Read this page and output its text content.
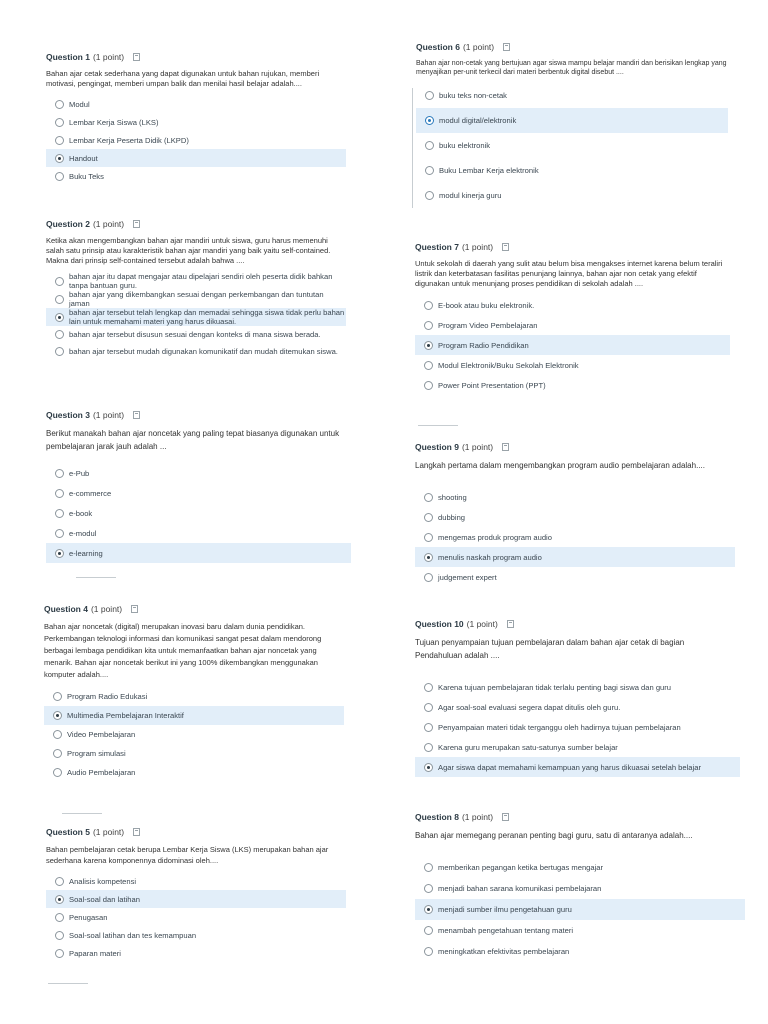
Question 1 (1 point)
Bahan ajar cetak sederhana yang dapat digunakan untuk bahan rujukan, memberi motivasi, pengingat, memberi umpan balik dan menilai hasil belajar adalah....
Modul
Lembar Kerja Siswa (LKS)
Lembar Kerja Peserta Didik (LKPD)
Handout
Buku Teks
Question 2 (1 point)
Ketika akan mengembangkan bahan ajar mandiri untuk siswa, guru harus memenuhi salah satu prinsip atau karakteristik bahan ajar mandiri yang baik yaitu self-contained. Makna dari prinsip self-contained tersebut adalah bahwa ....
bahan ajar itu dapat mengajar atau dipelajari sendiri oleh peserta didik bahkan tanpa bantuan guru.
bahan ajar yang dikembangkan sesuai dengan perkembangan dan tuntutan jaman
bahan ajar tersebut telah lengkap dan memadai sehingga siswa tidak perlu bahan lain untuk memahami materi yang harus dikuasai.
bahan ajar tersebut disusun sesuai dengan konteks di mana siswa berada.
bahan ajar tersebut mudah digunakan komunikatif dan mudah ditemukan siswa.
Question 3 (1 point)
Berikut manakah bahan ajar noncetak yang paling tepat biasanya digunakan untuk pembelajaran jarak jauh adalah ...
e-Pub
e-commerce
e-book
e-modul
e-learning
Question 4 (1 point)
Bahan ajar noncetak (digital) merupakan inovasi baru dalam dunia pendidikan. Perkembangan teknologi informasi dan komunikasi sangat pesat dalam mendorong berbagai lembaga pendidikan kita untuk memanfaatkan bahan ajar noncetak yang menarik. Bahan ajar noncetak berikut ini yang 100% dikembangkan menggunakan komputer adalah....
Program Radio Edukasi
Multimedia Pembelajaran Interaktif
Video Pembelajaran
Program simulasi
Audio Pembelajaran
Question 5 (1 point)
Bahan pembelajaran cetak berupa Lembar Kerja Siswa (LKS) merupakan bahan ajar sederhana karena komponennya didominasi oleh....
Analisis kompetensi
Soal-soal dan latihan
Penugasan
Soal-soal latihan dan tes kemampuan
Paparan materi
Question 6 (1 point)
Bahan ajar non-cetak yang bertujuan agar siswa mampu belajar mandiri dan berisikan lengkap yang menyajikan per-unit terkecil dari materi berbentuk digital disebut ....
buku teks non-cetak
modul digital/elektronik
buku elektronik
Buku Lembar Kerja elektronik
modul kinerja guru
Question 7 (1 point)
Untuk sekolah di daerah yang sulit atau belum bisa mengakses internet karena belum teraliri listrik dan keterbatasan fasilitas penunjang lainnya, bahan ajar non cetak yang efektif digunakan untuk menunjang proses pendidikan di sekolah adalah ....
E-book atau buku elektronik.
Program Video Pembelajaran
Program Radio Pendidikan
Modul Elektronik/Buku Sekolah Elektronik
Power Point Presentation (PPT)
Question 9 (1 point)
Langkah pertama dalam mengembangkan program audio pembelajaran adalah....
shooting
dubbing
mengemas produk program audio
menulis naskah program audio
judgement expert
Question 10 (1 point)
Tujuan penyampaian tujuan pembelajaran dalam bahan ajar cetak di bagian Pendahuluan adalah ....
Karena tujuan pembelajaran tidak terlalu penting bagi siswa dan guru
Agar soal-soal evaluasi segera dapat ditulis oleh guru.
Penyampaian materi tidak terganggu oleh hadirnya tujuan pembelajaran
Karena guru merupakan satu-satunya sumber belajar
Agar siswa dapat memahami kemampuan yang harus dikuasai setelah belajar
Question 8 (1 point)
Bahan ajar memegang peranan penting bagi guru, satu di antaranya adalah....
memberikan pegangan ketika bertugas mengajar
menjadi bahan sarana komunikasi pembelajaran
menjadi sumber ilmu pengetahuan guru
menambah pengetahuan tentang materi
meningkatkan efektivitas pembelajaran
